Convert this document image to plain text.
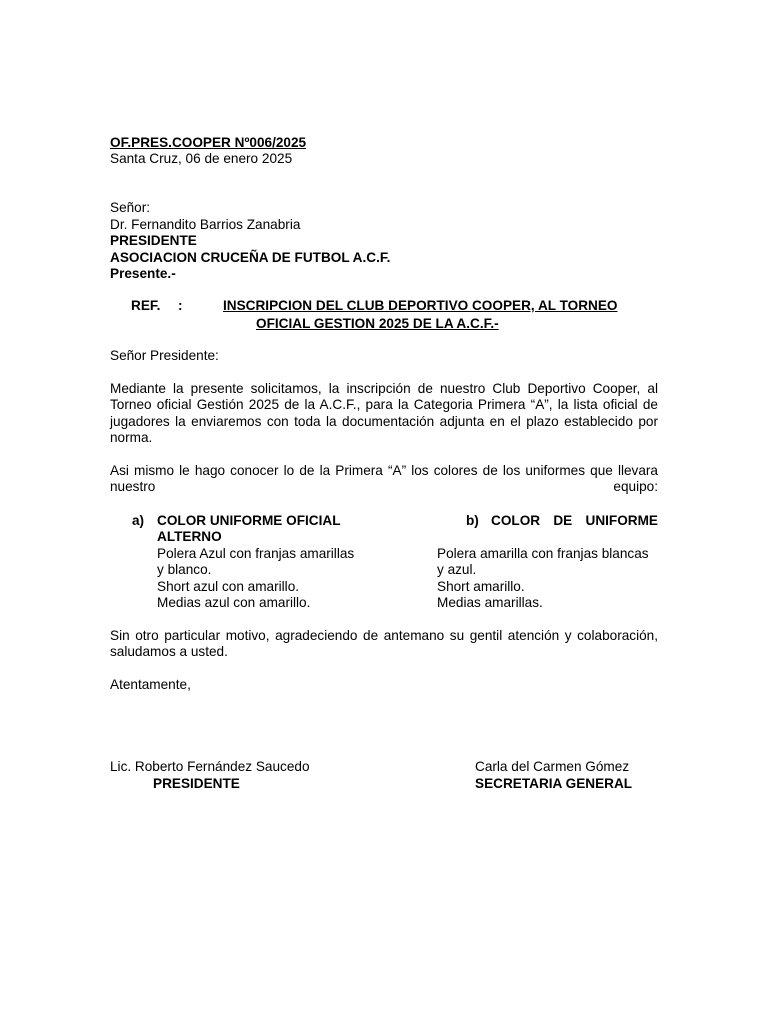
OF.PRES.COOPER Nº006/2025
Santa Cruz, 06 de enero 2025
Señor:
Dr. Fernandito Barrios Zanabria
PRESIDENTE
ASOCIACION CRUCEÑA DE FUTBOL A.C.F.
Presente.-
REF. :	INSCRIPCION DEL CLUB DEPORTIVO COOPER, AL TORNEO
OFICIAL GESTION 2025 DE LA A.C.F.-
Señor Presidente:

Mediante la presente solicitamos, la inscripción de nuestro Club Deportivo Cooper, al Torneo oficial Gestión 2025 de la A.C.F., para la Categoria Primera “A”, la lista oficial de jugadores la enviaremos con toda la documentación adjunta en el plazo establecido por norma.

Asi mismo le hago conocer lo de la Primera “A” los colores de los uniformes que llevara nuestro equipo:

a) COLOR UNIFORME OFICIAL
ALTERNO
Polera Azul con franjas amarillas
y blanco.
Short azul con amarillo.
Medias azul con amarillo.
b) COLOR  DE  UNIFORME
Polera amarilla con franjas blancas
y azul.
Short amarillo.
Medias amarillas.

Sin otro particular motivo, agradeciendo de antemano su gentil atención y colaboración, saludamos a usted.

Atentamente,
Lic. Roberto Fernández Saucedo
PRESIDENTE
Carla del Carmen Gómez
SECRETARIA GENERAL
